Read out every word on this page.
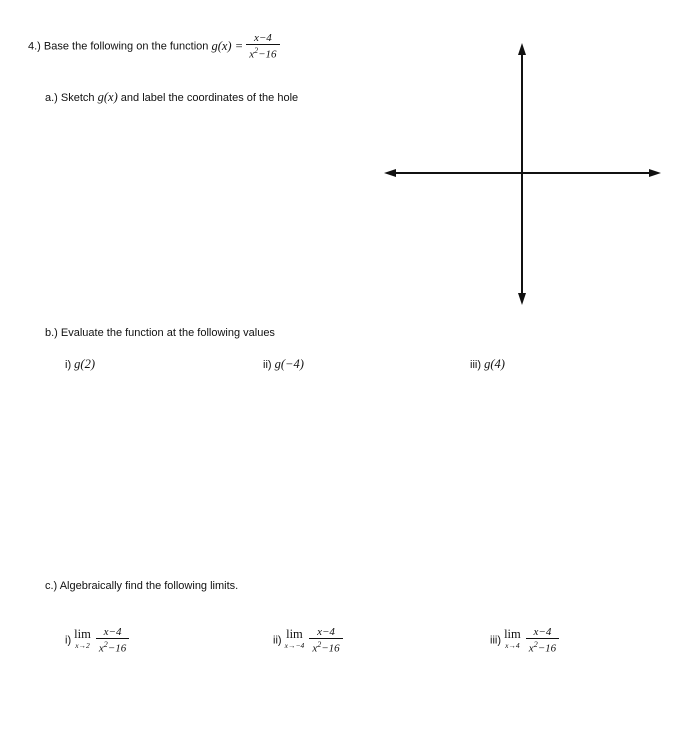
4.) Base the following on the function $g(x) = \frac{x-4}{x^2-16}$
a.) Sketch g(x) and label the coordinates of the hole
b.) Evaluate the function at the following values
i) g(2)	ii) g(−4)	iii) g(4)
c.) Algebraically find the following limits.
i) lim
x→2
$\frac{x-4}{x^2-16}$	ii) lim
x→−4
$\frac{x-4}{x^2-16}$	iii) lim
x→4
$\frac{x-4}{x^2-16}$
